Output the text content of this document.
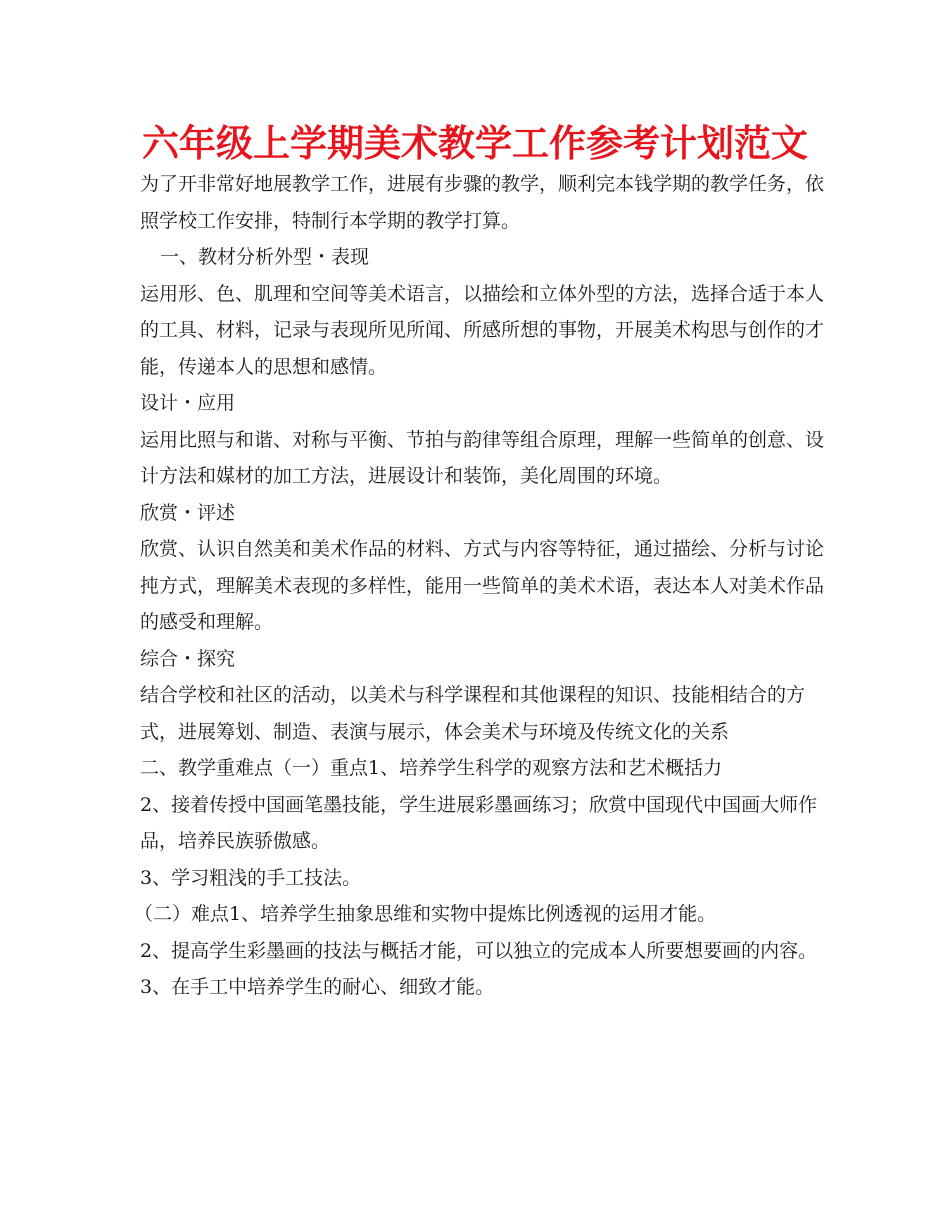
六年级上学期美术教学工作参考计划范文

为了开非常好地展教学工作，进展有步骤的教学，顺利完本钱学期的教学任务，依照学校工作安排，特制行本学期的教学打算。

一、教材分析外型・表现

运用形、色、肌理和空间等美术语言，以描绘和立体外型的方法，选择合适于本人的工具、材料，记录与表现所见所闻、所感所想的事物，开展美术构思与创作的才能，传递本人的思想和感情。

设计・应用

运用比照与和谐、对称与平衡、节拍与韵律等组合原理，理解一些简单的创意、设计方法和媒材的加工方法，进展设计和装饰，美化周围的环境。

欣赏・评述

欣赏、认识自然美和美术作品的材料、方式与内容等特征，通过描绘、分析与讨论扽方式，理解美术表现的多样性，能用一些简单的美术术语，表达本人对美术作品的感受和理解。

综合・探究

结合学校和社区的活动，以美术与科学课程和其他课程的知识、技能相结合的方式，进展筹划、制造、表演与展示，体会美术与环境及传统文化的关系

二、教学重难点（一）重点1、培养学生科学的观察方法和艺术概括力

2、接着传授中国画笔墨技能，学生进展彩墨画练习；欣赏中国现代中国画大师作品，培养民族骄傲感。

3、学习粗浅的手工技法。

（二）难点1、培养学生抽象思维和实物中提炼比例透视的运用才能。

2、提高学生彩墨画的技法与概括才能，可以独立的完成本人所要想要画的内容。

3、在手工中培养学生的耐心、细致才能。
